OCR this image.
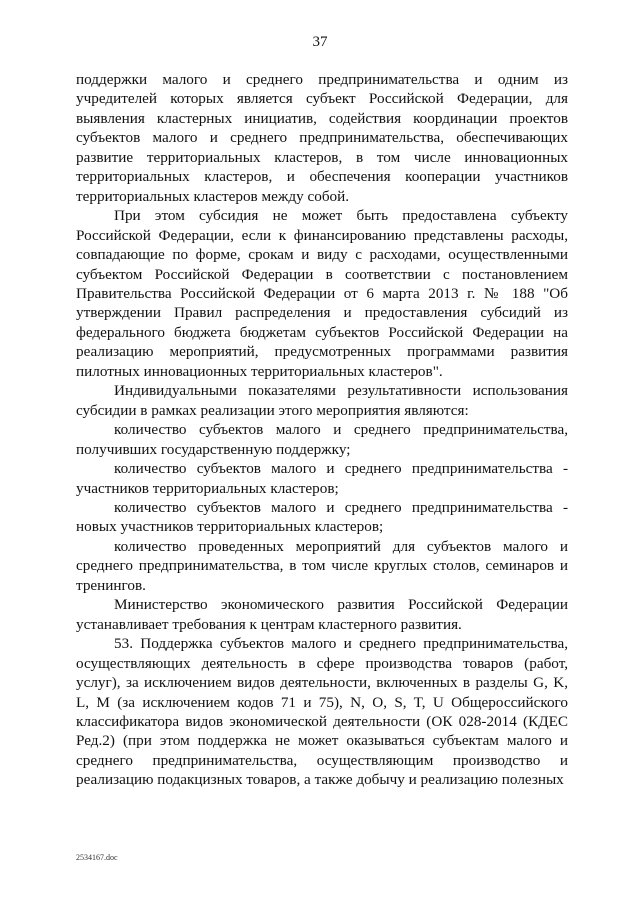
37

поддержки малого и среднего предпринимательства и одним из учредителей которых является субъект Российской Федерации, для выявления кластерных инициатив, содействия координации проектов субъектов малого и среднего предпринимательства, обеспечивающих развитие территориальных кластеров, в том числе инновационных территориальных кластеров, и обеспечения кооперации участников территориальных кластеров между собой.

При этом субсидия не может быть предоставлена субъекту Российской Федерации, если к финансированию представлены расходы, совпадающие по форме, срокам и виду с расходами, осуществленными субъектом Российской Федерации в соответствии с постановлением Правительства Российской Федерации от 6 марта 2013 г. № 188 "Об утверждении Правил распределения и предоставления субсидий из федерального бюджета бюджетам субъектов Российской Федерации на реализацию мероприятий, предусмотренных программами развития пилотных инновационных территориальных кластеров".

Индивидуальными показателями результативности использования субсидии в рамках реализации этого мероприятия являются:

количество субъектов малого и среднего предпринимательства, получивших государственную поддержку;

количество субъектов малого и среднего предпринимательства - участников территориальных кластеров;

количество субъектов малого и среднего предпринимательства - новых участников территориальных кластеров;

количество проведенных мероприятий для субъектов малого и среднего предпринимательства, в том числе круглых столов, семинаров и тренингов.

Министерство экономического развития Российской Федерации устанавливает требования к центрам кластерного развития.

53. Поддержка субъектов малого и среднего предпринимательства, осуществляющих деятельность в сфере производства товаров (работ, услуг), за исключением видов деятельности, включенных в разделы G, K, L, M (за исключением кодов 71 и 75), N, O, S, T, U Общероссийского классификатора видов экономической деятельности (ОК 028-2014 (КДЕС Ред.2) (при этом поддержка не может оказываться субъектам малого и среднего предпринимательства, осуществляющим производство и реализацию подакцизных товаров, а также добычу и реализацию полезных

2534167.doc
